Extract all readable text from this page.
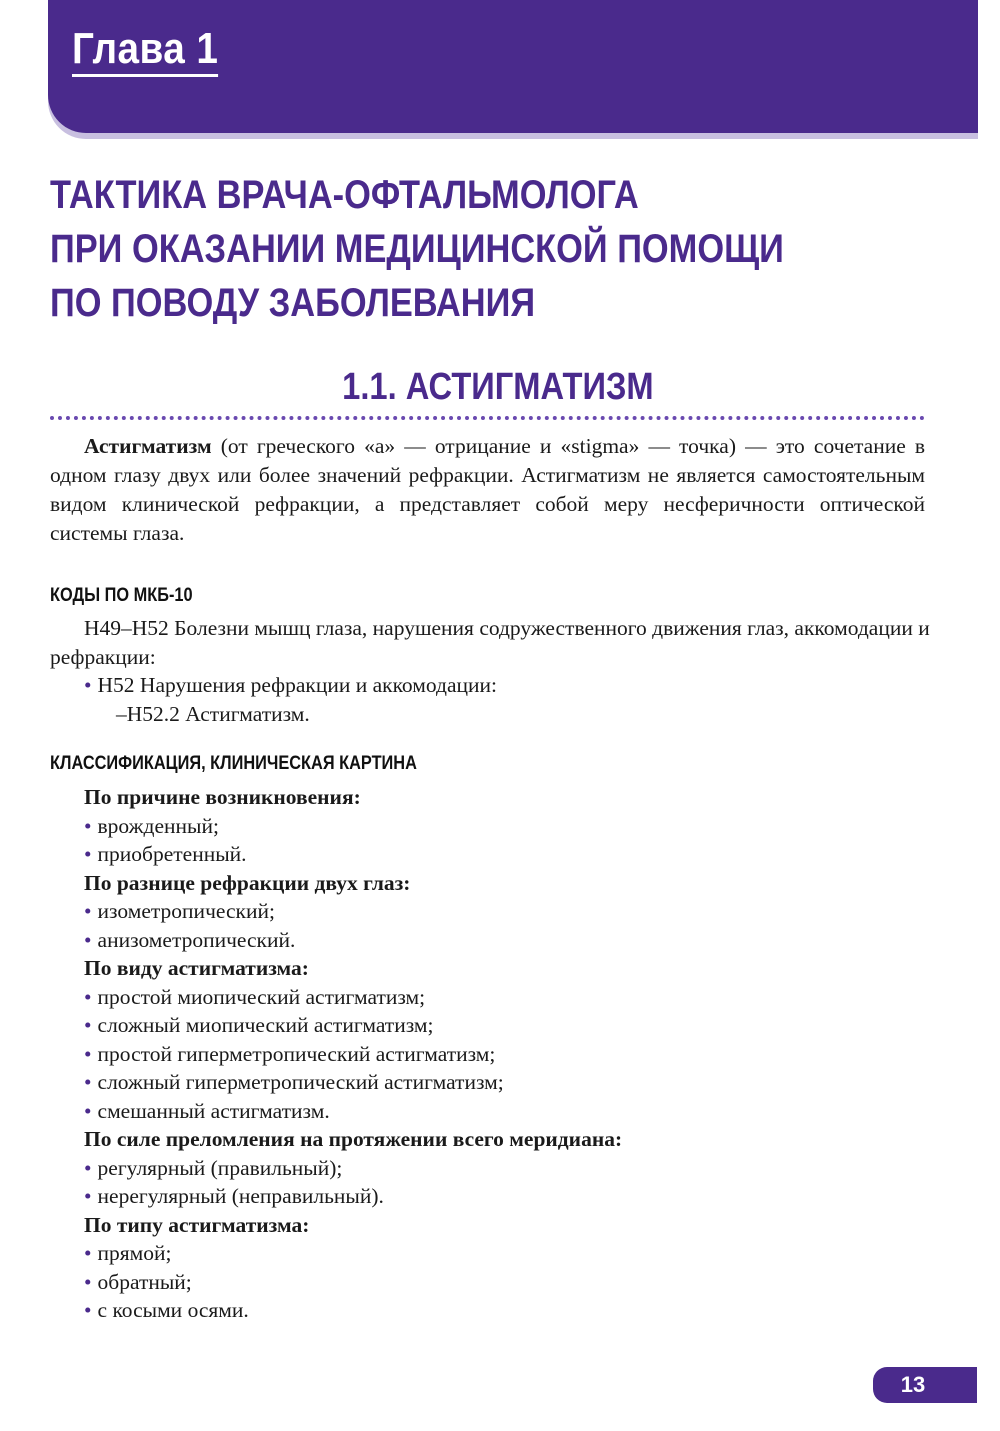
Глава 1
ТАКТИКА ВРАЧА-ОФТАЛЬМОЛОГА
ПРИ ОКАЗАНИИ МЕДИЦИНСКОЙ ПОМОЩИ
ПО ПОВОДУ ЗАБОЛЕВАНИЯ
1.1. АСТИГМАТИЗМ

Астигматизм (от греческого «а» — отрицание и «stigma» — точка) — это сочетание в одном глазу двух или более значений рефракции. Астигматизм не является самостоятельным видом клинической рефракции, а представляет собой меру несферичности оптической системы глаза.

КОДЫ ПО МКБ-10

H49–H52 Болезни мышц глаза, нарушения содружественного движения глаз, аккомодации и рефракции:

• H52 Нарушения рефракции и аккомодации:

–H52.2 Астигматизм.

КЛАССИФИКАЦИЯ, КЛИНИЧЕСКАЯ КАРТИНА

По причине возникновения:

• врожденный;

• приобретенный.

По разнице рефракции двух глаз:

• изометропический;

• анизометропический.

По виду астигматизма:

• простой миопический астигматизм;

• сложный миопический астигматизм;

• простой гиперметропический астигматизм;

• сложный гиперметропический астигматизм;

• смешанный астигматизм.

По силе преломления на протяжении всего меридиана:

• регулярный (правильный);

• нерегулярный (неправильный).

По типу астигматизма:

• прямой;

• обратный;

• с косыми осями.

13
